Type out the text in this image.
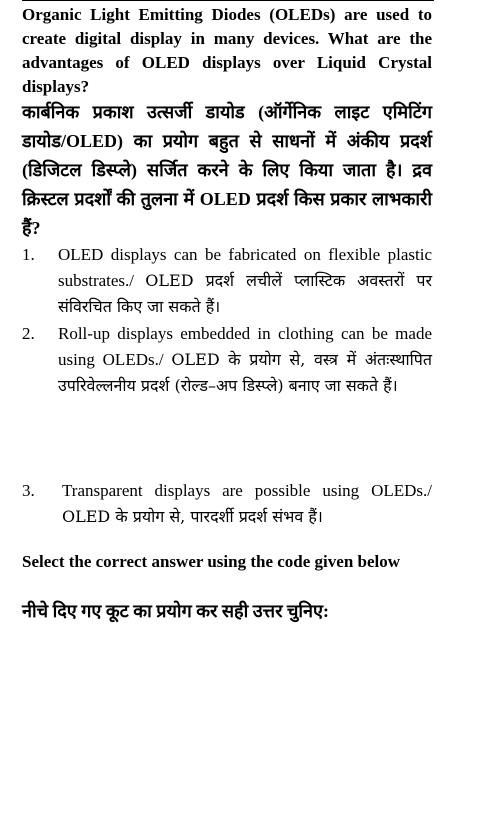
Organic Light Emitting Diodes (OLEDs) are used to create digital display in many devices. What are the advantages of OLED displays over Liquid Crystal displays?
कार्बनिक प्रकाश उत्सर्जी डायोड (ऑर्गेनिक लाइट एमिटिंग डायोड/OLED) का प्रयोग बहुत से साधनों में अंकीय प्रदर्श (डिजिटल डिस्प्ले) सर्जित करने के लिए किया जाता है। द्रव क्रिस्टल प्रदर्शों की तुलना में OLED प्रदर्श किस प्रकार लाभकारी हैं?
1. OLED displays can be fabricated on flexible plastic substrates./ OLED प्रदर्श लचीलें प्लास्टिक अवस्तरों पर संविरचित किए जा सकते हैं।
2. Roll-up displays embedded in clothing can be made using OLEDs./ OLED के प्रयोग से, वस्त्र में अंतःस्थापित उपरिवेल्लनीय प्रदर्श (रोल्ड–अप डिस्प्ले) बनाए जा सकते हैं।
3. Transparent displays are possible using OLEDs./ OLED के प्रयोग से, पारदर्शी प्रदर्श संभव हैं।
Select the correct answer using the code given below
नीचे दिए गए कूट का प्रयोग कर सही उत्तर चुनिए:
